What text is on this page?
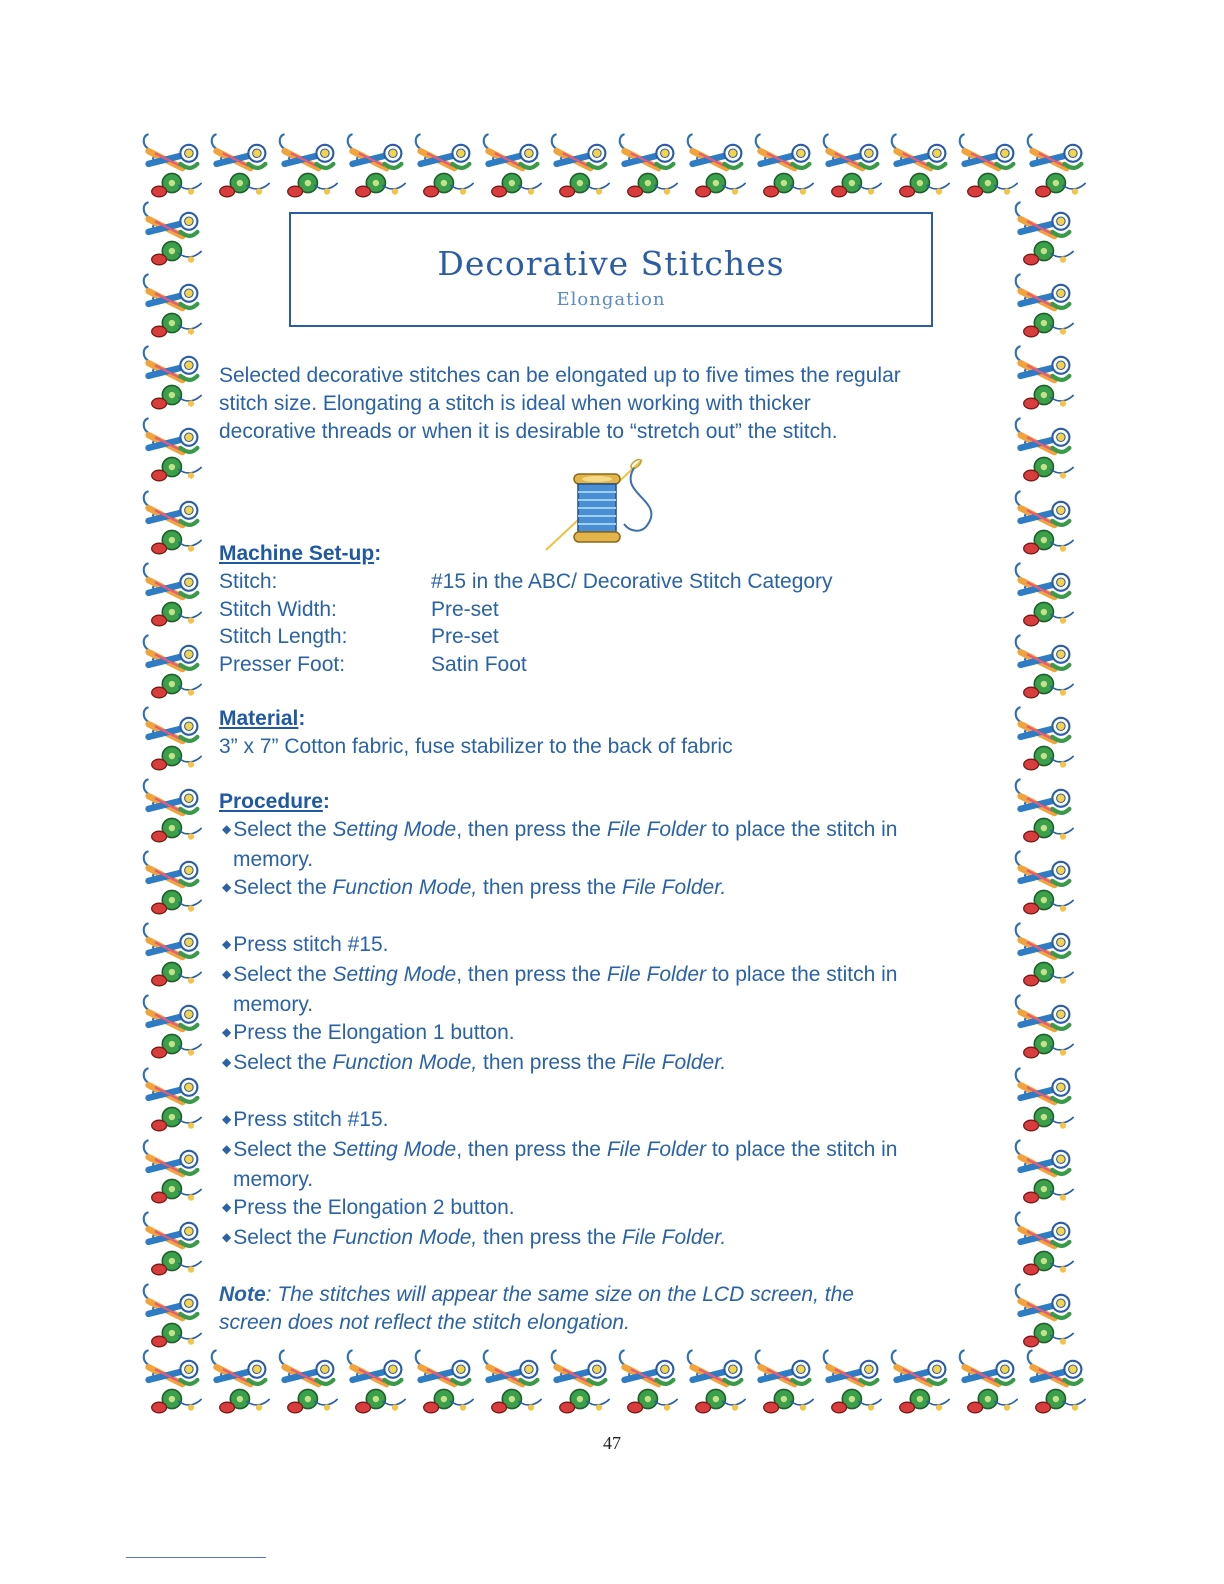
Decorative Stitches
Elongation

Selected decorative stitches can be elongated up to five times the regular

stitch size. Elongating a stitch is ideal when working with thicker

decorative threads or when it is desirable to “stretch out” the stitch.

Machine Set-up:

Stitch:	#15 in the ABC/ Decorative Stitch Category
Stitch Width:	Pre-set
Stitch Length:	Pre-set
Presser Foot:	Satin Foot

Material:

3” x 7” Cotton fabric, fuse stabilizer to the back of fabric

Procedure:

◆Select the Setting Mode, then press the File Folder to place the stitch in

memory.

◆Select the Function Mode, then press the File Folder.

◆Press stitch #15.

◆Select the Setting Mode, then press the File Folder to place the stitch in

memory.

◆Press the Elongation 1 button.

◆Select the Function Mode, then press the File Folder.

◆Press stitch #15.

◆Select the Setting Mode, then press the File Folder to place the stitch in

memory.

◆Press the Elongation 2 button.

◆Select the Function Mode, then press the File Folder.

Note: The stitches will appear the same size on the LCD screen, the

screen does not reflect the stitch elongation.

47
